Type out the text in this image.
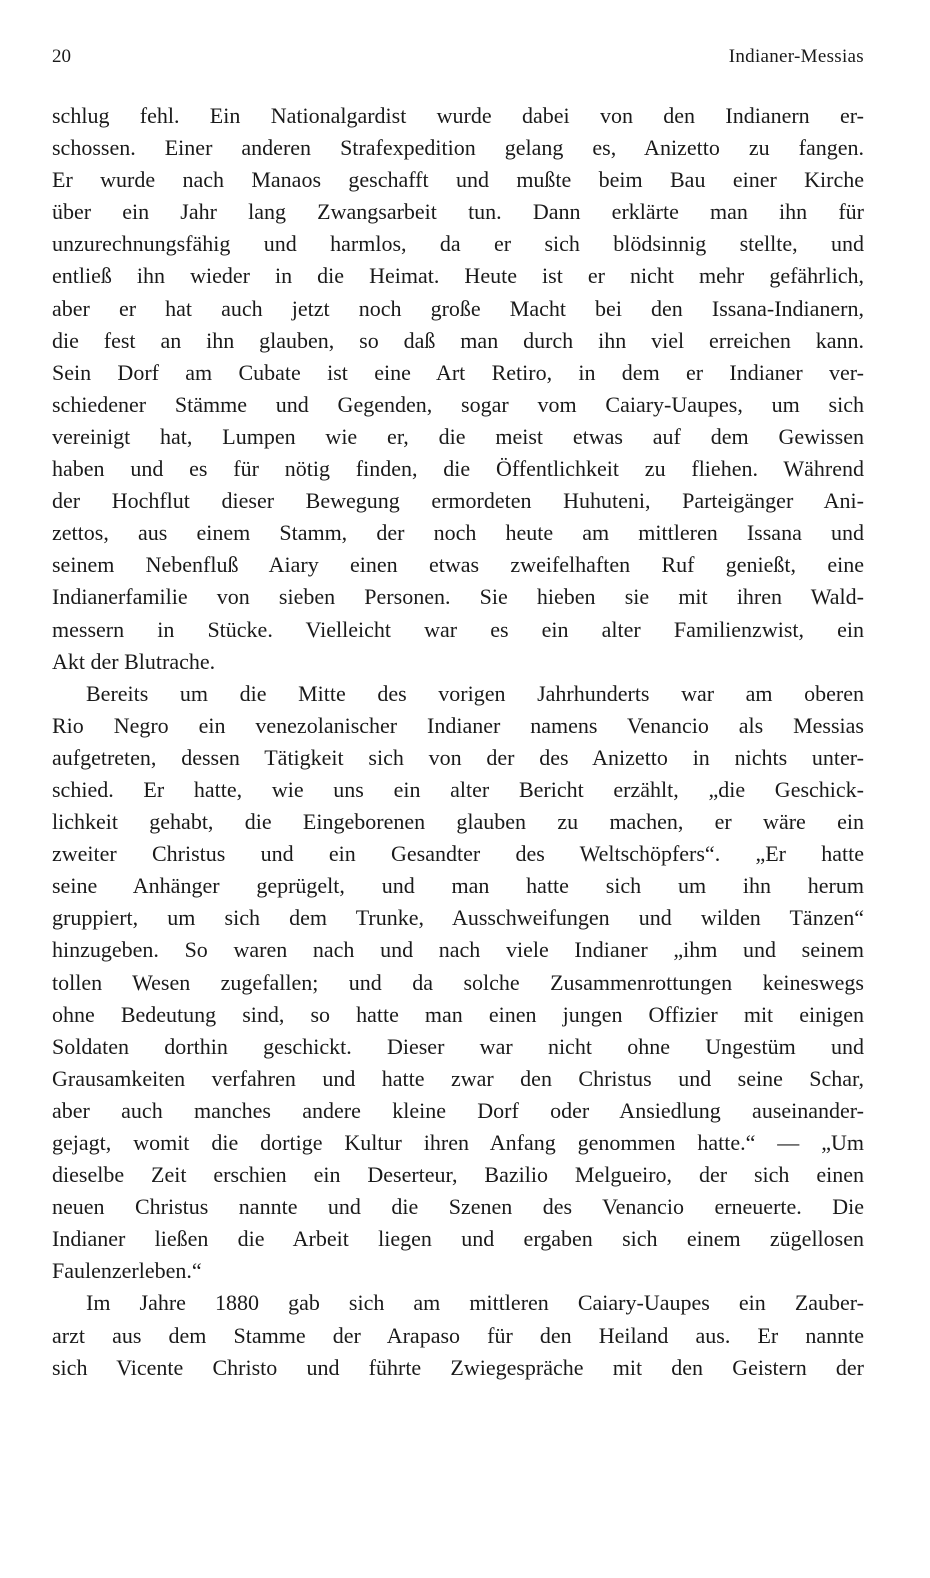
20	Indianer-Messias
schlug fehl. Ein Nationalgardist wurde dabei von den Indianern er-
schossen. Einer anderen Strafexpedition gelang es, Anizetto zu fangen.
Er wurde nach Manaos geschafft und mußte beim Bau einer Kirche
über ein Jahr lang Zwangsarbeit tun. Dann erklärte man ihn für
unzurechnungsfähig und harmlos, da er sich blödsinnig stellte, und
entließ ihn wieder in die Heimat. Heute ist er nicht mehr gefährlich,
aber er hat auch jetzt noch große Macht bei den Issana-Indianern,
die fest an ihn glauben, so daß man durch ihn viel erreichen kann.
Sein Dorf am Cubate ist eine Art Retiro, in dem er Indianer ver-
schiedener Stämme und Gegenden, sogar vom Caiary-Uaupes, um sich
vereinigt hat, Lumpen wie er, die meist etwas auf dem Gewissen
haben und es für nötig finden, die Öffentlichkeit zu fliehen. Während
der Hochflut dieser Bewegung ermordeten Huhuteni, Parteigänger Ani-
zettos, aus einem Stamm, der noch heute am mittleren Issana und
seinem Nebenfluß Aiary einen etwas zweifelhaften Ruf genießt, eine
Indianerfamilie von sieben Personen. Sie hieben sie mit ihren Wald-
messern in Stücke. Vielleicht war es ein alter Familienzwist, ein
Akt der Blutrache.
Bereits um die Mitte des vorigen Jahrhunderts war am oberen
Rio Negro ein venezolanischer Indianer namens Venancio als Messias
aufgetreten, dessen Tätigkeit sich von der des Anizetto in nichts unter-
schied. Er hatte, wie uns ein alter Bericht erzählt, „die Geschick-
lichkeit gehabt, die Eingeborenen glauben zu machen, er wäre ein
zweiter Christus und ein Gesandter des Weltschöpfers“. „Er hatte
seine Anhänger geprügelt, und man hatte sich um ihn herum
gruppiert, um sich dem Trunke, Ausschweifungen und wilden Tänzen“
hinzugeben. So waren nach und nach viele Indianer „ihm und seinem
tollen Wesen zugefallen; und da solche Zusammenrottungen keineswegs
ohne Bedeutung sind, so hatte man einen jungen Offizier mit einigen
Soldaten dorthin geschickt. Dieser war nicht ohne Ungestüm und
Grausamkeiten verfahren und hatte zwar den Christus und seine Schar,
aber auch manches andere kleine Dorf oder Ansiedlung auseinander-
gejagt, womit die dortige Kultur ihren Anfang genommen hatte.“ — „Um
dieselbe Zeit erschien ein Deserteur, Bazilio Melgueiro, der sich einen
neuen Christus nannte und die Szenen des Venancio erneuerte. Die
Indianer ließen die Arbeit liegen und ergaben sich einem zügellosen
Faulenzerleben.“
Im Jahre 1880 gab sich am mittleren Caiary-Uaupes ein Zauber-
arzt aus dem Stamme der Arapaso für den Heiland aus. Er nannte
sich Vicente Christo und führte Zwiegespräche mit den Geistern der
